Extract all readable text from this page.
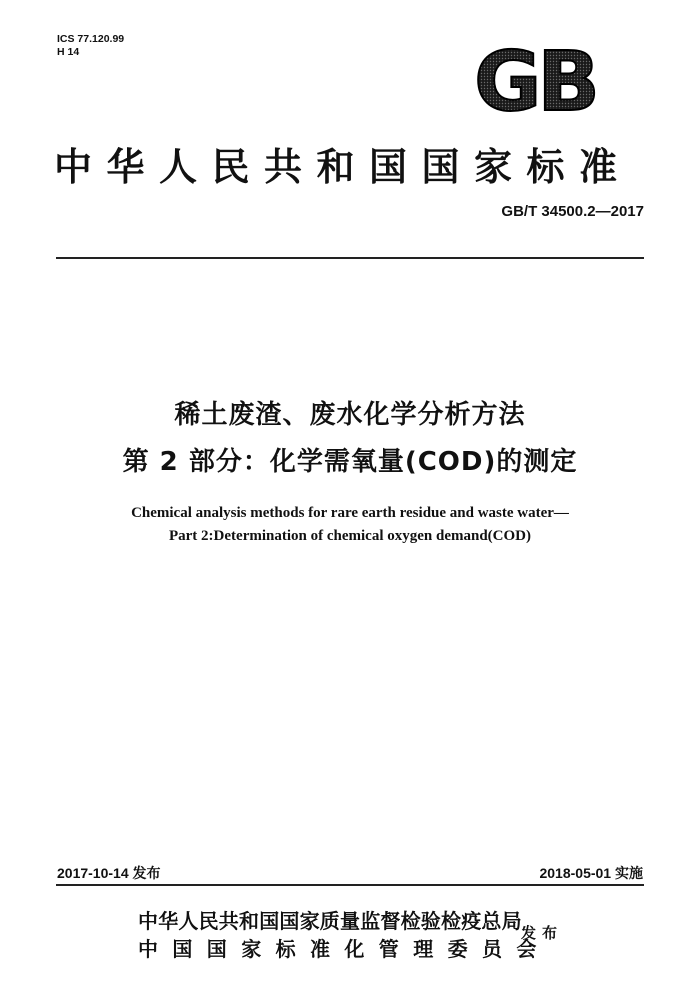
ICS 77.120.99
H 14	GB
中华人民共和国国家标准
GB/T 34500.2—2017
稀土废渣、废水化学分析方法
第 2 部分：化学需氧量(COD)的测定
Chemical analysis methods for rare earth residue and waste water—
Part 2:Determination of chemical oxygen demand(COD)
2017-10-14 发布	2018-05-01 实施
中华人民共和国国家质量监督检验检疫总局
中国国家标准化管理委员会
发布
